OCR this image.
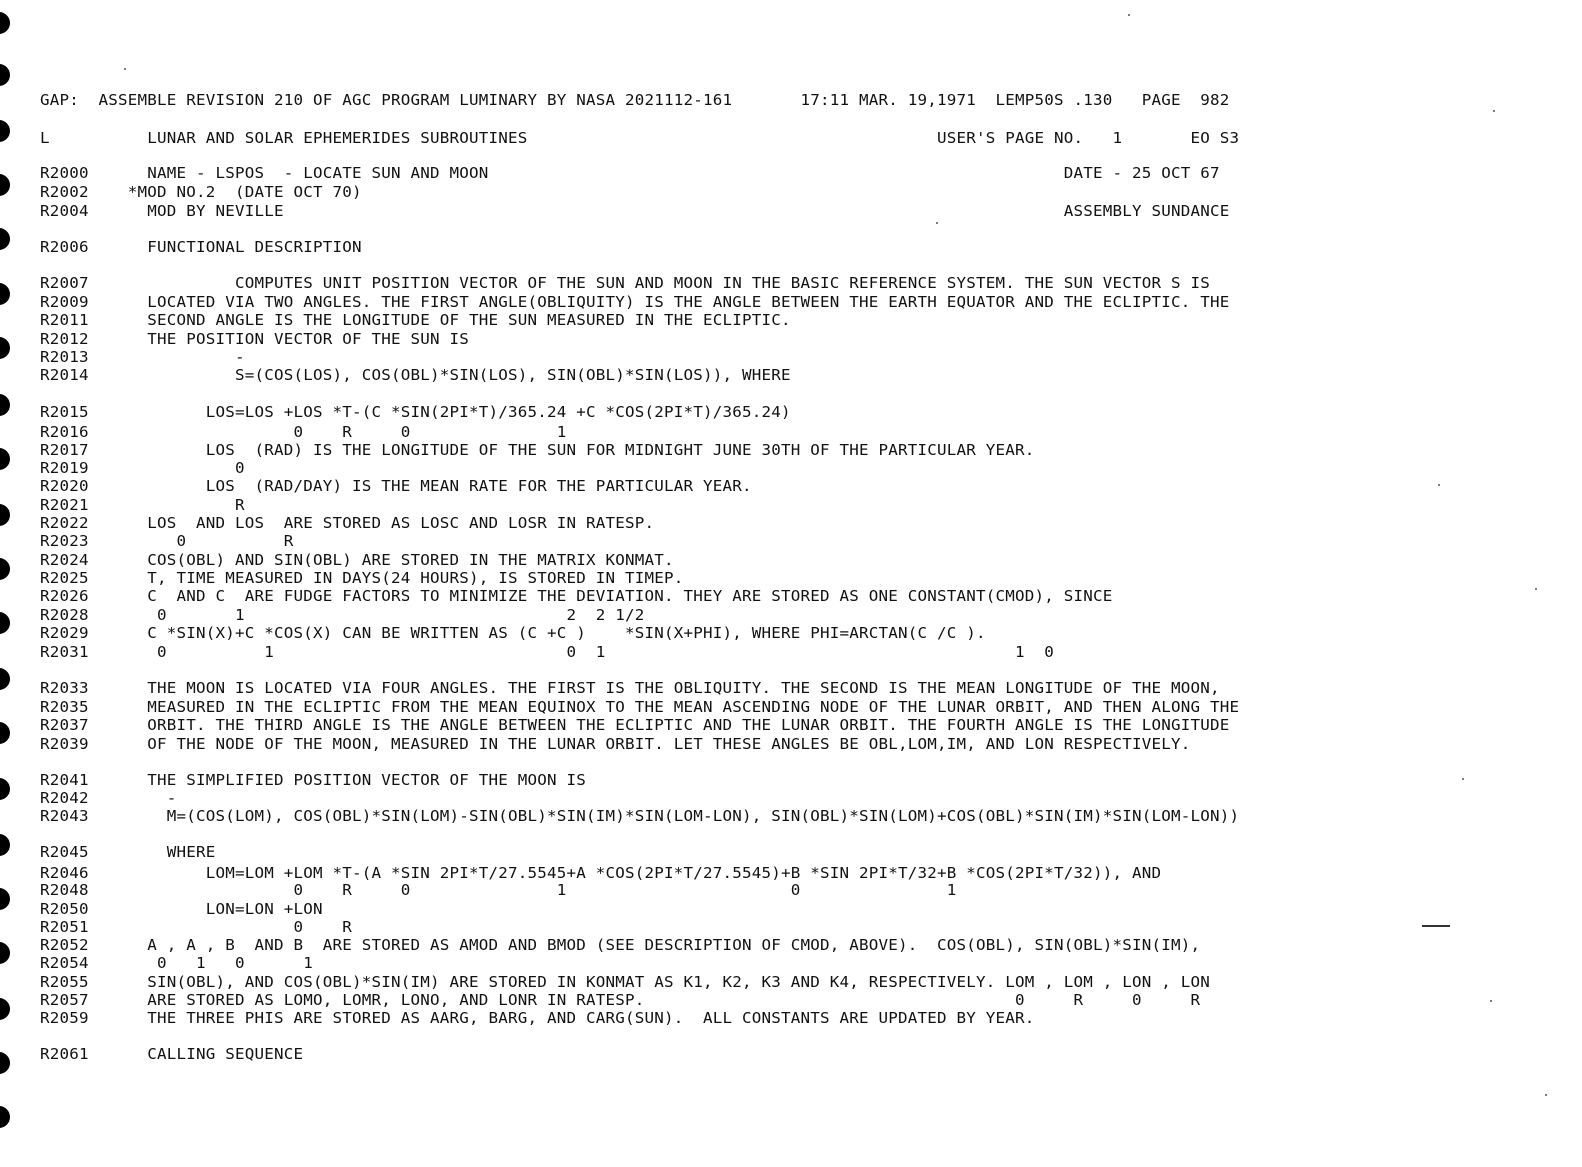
GAP:  ASSEMBLE REVISION 210 OF AGC PROGRAM LUMINARY BY NASA 2021112-161       17:11 MAR. 19,1971  LEMP50S .130   PAGE  982
L          LUNAR AND SOLAR EPHEMERIDES SUBROUTINES                                          USER'S PAGE NO.   1       EO S3
R2000      NAME - LSPOS  - LOCATE SUN AND MOON                                                           DATE - 25 OCT 67
R2002    *MOD NO.2  (DATE OCT 70)
R2004      MOD BY NEVILLE                                                                                ASSEMBLY SUNDANCE
R2006      FUNCTIONAL DESCRIPTION
R2007               COMPUTES UNIT POSITION VECTOR OF THE SUN AND MOON IN THE BASIC REFERENCE SYSTEM. THE SUN VECTOR S IS
R2009      LOCATED VIA TWO ANGLES. THE FIRST ANGLE(OBLIQUITY) IS THE ANGLE BETWEEN THE EARTH EQUATOR AND THE ECLIPTIC. THE
R2011      SECOND ANGLE IS THE LONGITUDE OF THE SUN MEASURED IN THE ECLIPTIC.
R2012      THE POSITION VECTOR OF THE SUN IS
R2013               -
R2014               S=(COS(LOS), COS(OBL)*SIN(LOS), SIN(OBL)*SIN(LOS)), WHERE
R2015            LOS=LOS +LOS *T-(C *SIN(2PI*T)/365.24 +C *COS(2PI*T)/365.24)
R2016                     0    R     0               1
R2017            LOS  (RAD) IS THE LONGITUDE OF THE SUN FOR MIDNIGHT JUNE 30TH OF THE PARTICULAR YEAR.
R2019               0
R2020            LOS  (RAD/DAY) IS THE MEAN RATE FOR THE PARTICULAR YEAR.
R2021               R
R2022      LOS  AND LOS  ARE STORED AS LOSC AND LOSR IN RATESP.
R2023         0          R
R2024      COS(OBL) AND SIN(OBL) ARE STORED IN THE MATRIX KONMAT.
R2025      T, TIME MEASURED IN DAYS(24 HOURS), IS STORED IN TIMEP.
R2026      C  AND C  ARE FUDGE FACTORS TO MINIMIZE THE DEVIATION. THEY ARE STORED AS ONE CONSTANT(CMOD), SINCE
R2028       0       1                                 2  2 1/2
R2029      C *SIN(X)+C *COS(X) CAN BE WRITTEN AS (C +C )    *SIN(X+PHI), WHERE PHI=ARCTAN(C /C ).
R2031       0          1                              0  1                                          1  0
R2033      THE MOON IS LOCATED VIA FOUR ANGLES. THE FIRST IS THE OBLIQUITY. THE SECOND IS THE MEAN LONGITUDE OF THE MOON,
R2035      MEASURED IN THE ECLIPTIC FROM THE MEAN EQUINOX TO THE MEAN ASCENDING NODE OF THE LUNAR ORBIT, AND THEN ALONG THE
R2037      ORBIT. THE THIRD ANGLE IS THE ANGLE BETWEEN THE ECLIPTIC AND THE LUNAR ORBIT. THE FOURTH ANGLE IS THE LONGITUDE
R2039      OF THE NODE OF THE MOON, MEASURED IN THE LUNAR ORBIT. LET THESE ANGLES BE OBL,LOM,IM, AND LON RESPECTIVELY.
R2041      THE SIMPLIFIED POSITION VECTOR OF THE MOON IS
R2042        -
R2043        M=(COS(LOM), COS(OBL)*SIN(LOM)-SIN(OBL)*SIN(IM)*SIN(LOM-LON), SIN(OBL)*SIN(LOM)+COS(OBL)*SIN(IM)*SIN(LOM-LON))
R2045        WHERE
R2046            LOM=LOM +LOM *T-(A *SIN 2PI*T/27.5545+A *COS(2PI*T/27.5545)+B *SIN 2PI*T/32+B *COS(2PI*T/32)), AND
R2048                     0    R     0               1                       0               1
R2050            LON=LON +LON
R2051                     0    R
R2052      A , A , B  AND B  ARE STORED AS AMOD AND BMOD (SEE DESCRIPTION OF CMOD, ABOVE).  COS(OBL), SIN(OBL)*SIN(IM),
R2054       0   1   0      1
R2055      SIN(OBL), AND COS(OBL)*SIN(IM) ARE STORED IN KONMAT AS K1, K2, K3 AND K4, RESPECTIVELY. LOM , LOM , LON , LON
R2057      ARE STORED AS LOMO, LOMR, LONO, AND LONR IN RATESP.                                      0     R     0     R
R2059      THE THREE PHIS ARE STORED AS AARG, BARG, AND CARG(SUN).  ALL CONSTANTS ARE UPDATED BY YEAR.
R2061      CALLING SEQUENCE
